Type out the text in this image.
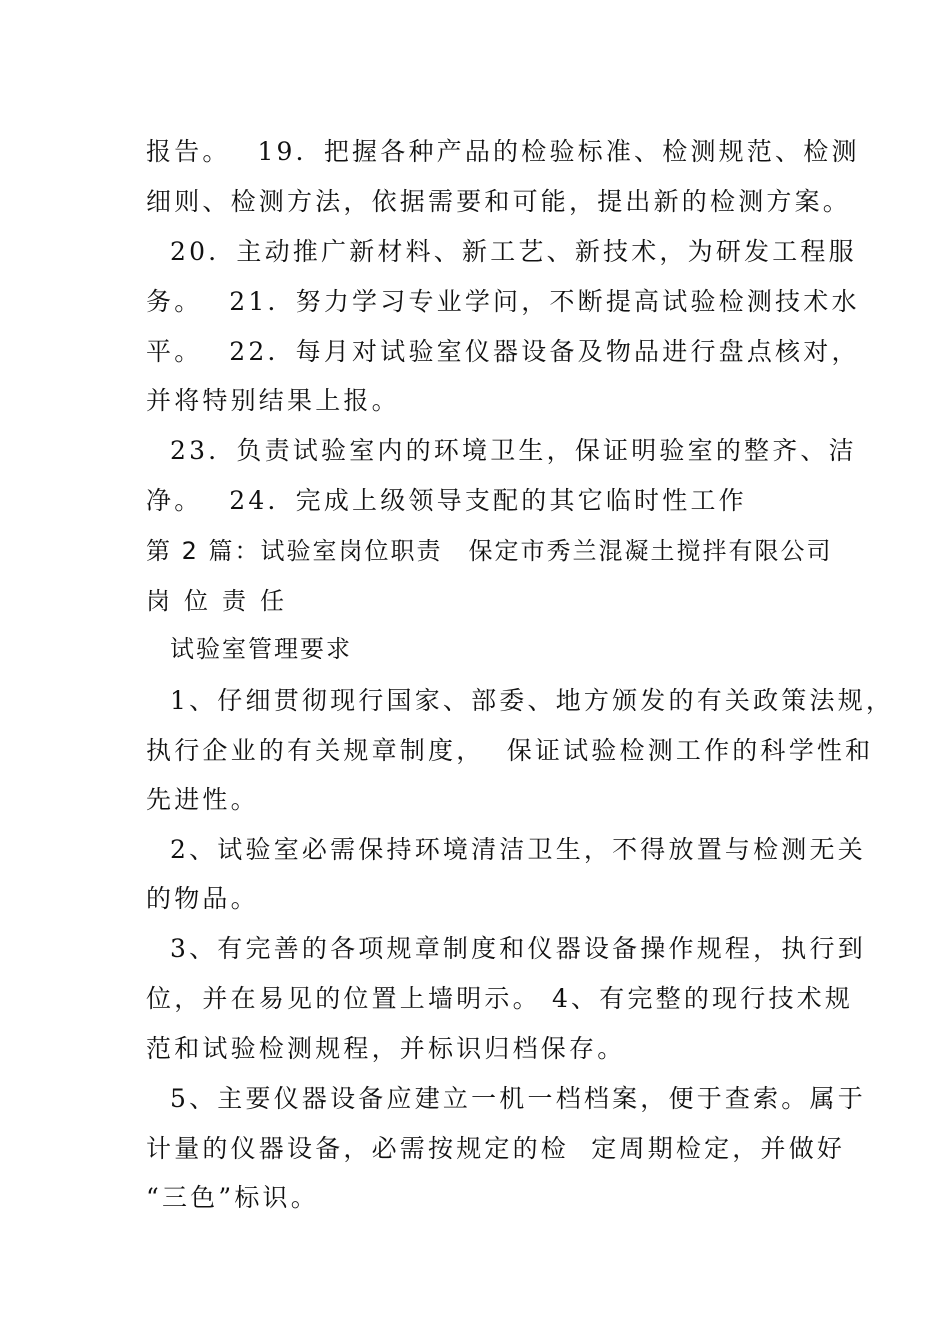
报告。　 19．把握各种产品的检验标准、检测规范、检测
细则、检测方法，依据需要和可能，提出新的检测方案。
20．主动推广新材料、新工艺、新技术，为研发工程服
务。　 21．努力学习专业学问，不断提高试验检测技术水
平。　 22．每月对试验室仪器设备及物品进行盘点核对，
并将特别结果上报。
23．负责试验室内的环境卫生，保证明验室的整齐、洁
净。　 24．完成上级领导支配的其它临时性工作
第 2 篇：试验室岗位职责　保定市秀兰混凝土搅拌有限公司
岗位责任
试验室管理要求
1、仔细贯彻现行国家、部委、地方颁发的有关政策法规，
执行企业的有关规章制度，  保证试验检测工作的科学性和
先进性。
2、试验室必需保持环境清洁卫生，不得放置与检测无关
的物品。
3、有完善的各项规章制度和仪器设备操作规程，执行到
位，并在易见的位置上墙明示。 4、有完整的现行技术规
范和试验检测规程，并标识归档保存。
5、主要仪器设备应建立一机一档档案，便于查索。属于
计量的仪器设备，必需按规定的检  定周期检定，并做好
“三色”标识。
